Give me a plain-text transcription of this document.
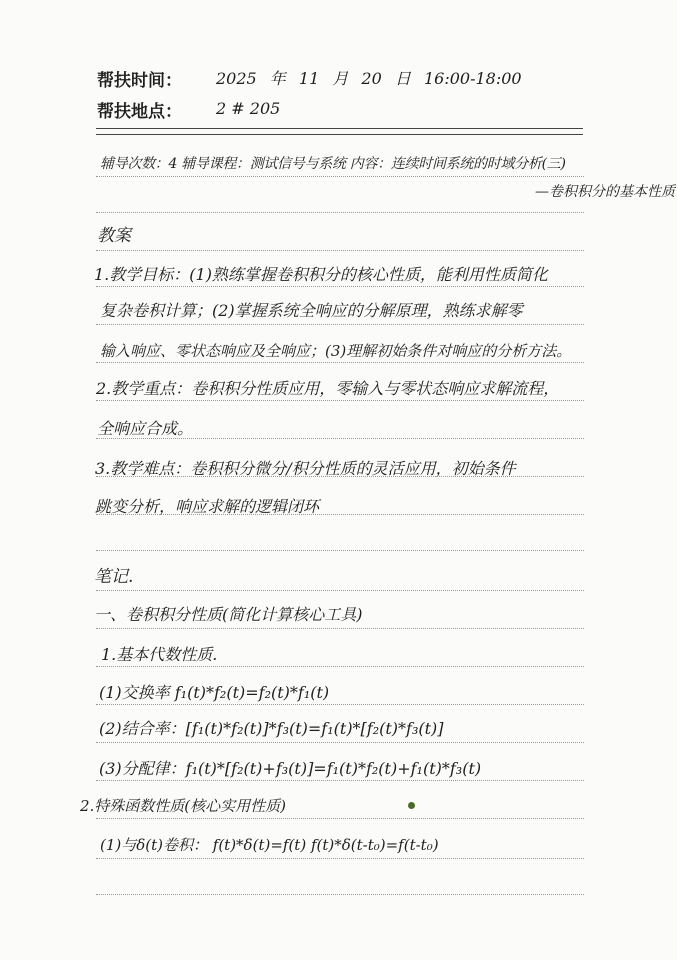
帮扶时间： 2025 年 11 月 20 日 16:00-18:00
帮扶地点： 2 # 205
辅导次数：4 辅导课程：测试信号与系统 内容：连续时间系统的时域分析(三)
—卷积积分的基本性质
教案
1.教学目标：(1)熟练掌握卷积积分的核心性质，能利用性质简化
复杂卷积计算；(2)掌握系统全响应的分解原理，熟练求解零
输入响应、零状态响应及全响应；(3)理解初始条件对响应的分析方法。
2.教学重点：卷积积分性质应用，零输入与零状态响应求解流程，
全响应合成。
3.教学难点：卷积积分微分/积分性质的灵活应用，初始条件
跳变分析，响应求解的逻辑闭环
笔记.
一、卷积积分性质(简化计算核心工具)
1.基本代数性质.
(1)交换率 f₁(t)*f₂(t)=f₂(t)*f₁(t)
(2)结合率：[f₁(t)*f₂(t)]*f₃(t)=f₁(t)*[f₂(t)*f₃(t)]
(3)分配律：f₁(t)*[f₂(t)+f₃(t)]=f₁(t)*f₂(t)+f₁(t)*f₃(t)
2.特殊函数性质(核心实用性质)
(1)与δ(t)卷积： f(t)*δ(t)=f(t) f(t)*δ(t-t₀)=f(t-t₀)
